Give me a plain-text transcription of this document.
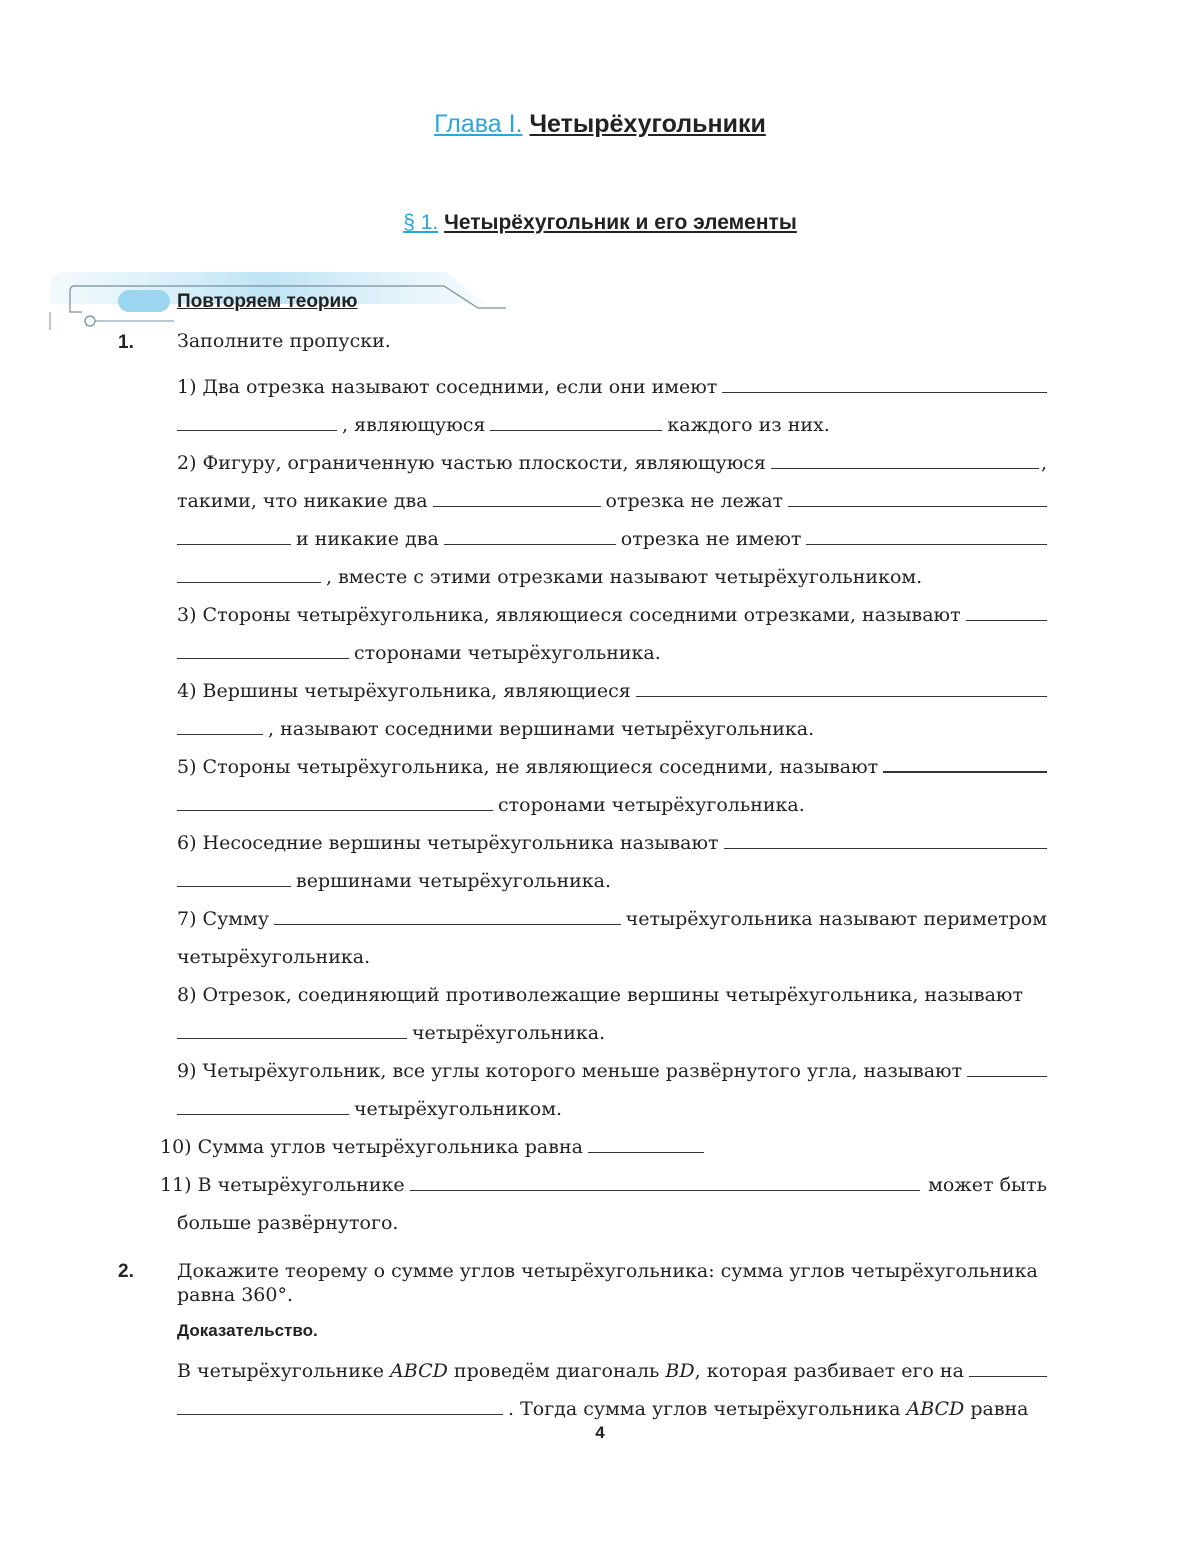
Глава I. Четырёхугольники
§ 1. Четырёхугольник и его элементы
Повторяем теорию
1. Заполните пропуски.
1) Два отрезка называют соседними, если они имеют
, являющуюся	каждого из них.
2) Фигуру, ограниченную частью плоскости, являющуюся	,
такими, что никакие два	отрезка не лежат
и никакие два	отрезка не имеют
, вместе с этими отрезками называют четырёхугольником.
3) Стороны четырёхугольника, являющиеся соседними отрезками, называют
сторонами четырёхугольника.
4) Вершины четырёхугольника, являющиеся
, называют соседними вершинами четырёхугольника.
5) Стороны четырёхугольника, не являющиеся соседними, называют
сторонами четырёхугольника.
6) Несоседние вершины четырёхугольника называют
вершинами четырёхугольника.
7) Сумму	четырёхугольника называют периметром
четырёхугольника.
8) Отрезок, соединяющий противолежащие вершины четырёхугольника, называют
четырёхугольника.
9) Четырёхугольник, все углы которого меньше развёрнутого угла, называют
четырёхугольником.
10) Сумма углов четырёхугольника равна
11) В четырёхугольнике	может быть
больше развёрнутого.
2. Докажите теорему о сумме углов четырёхугольника: сумма углов четырёхугольника
равна 360°.
Доказательство.
В четырёхугольнике
ABCD
проведём диагональ
BD , которая разбивает его на
. Тогда сумма углов четырёхугольника
ABCD
равна
4
